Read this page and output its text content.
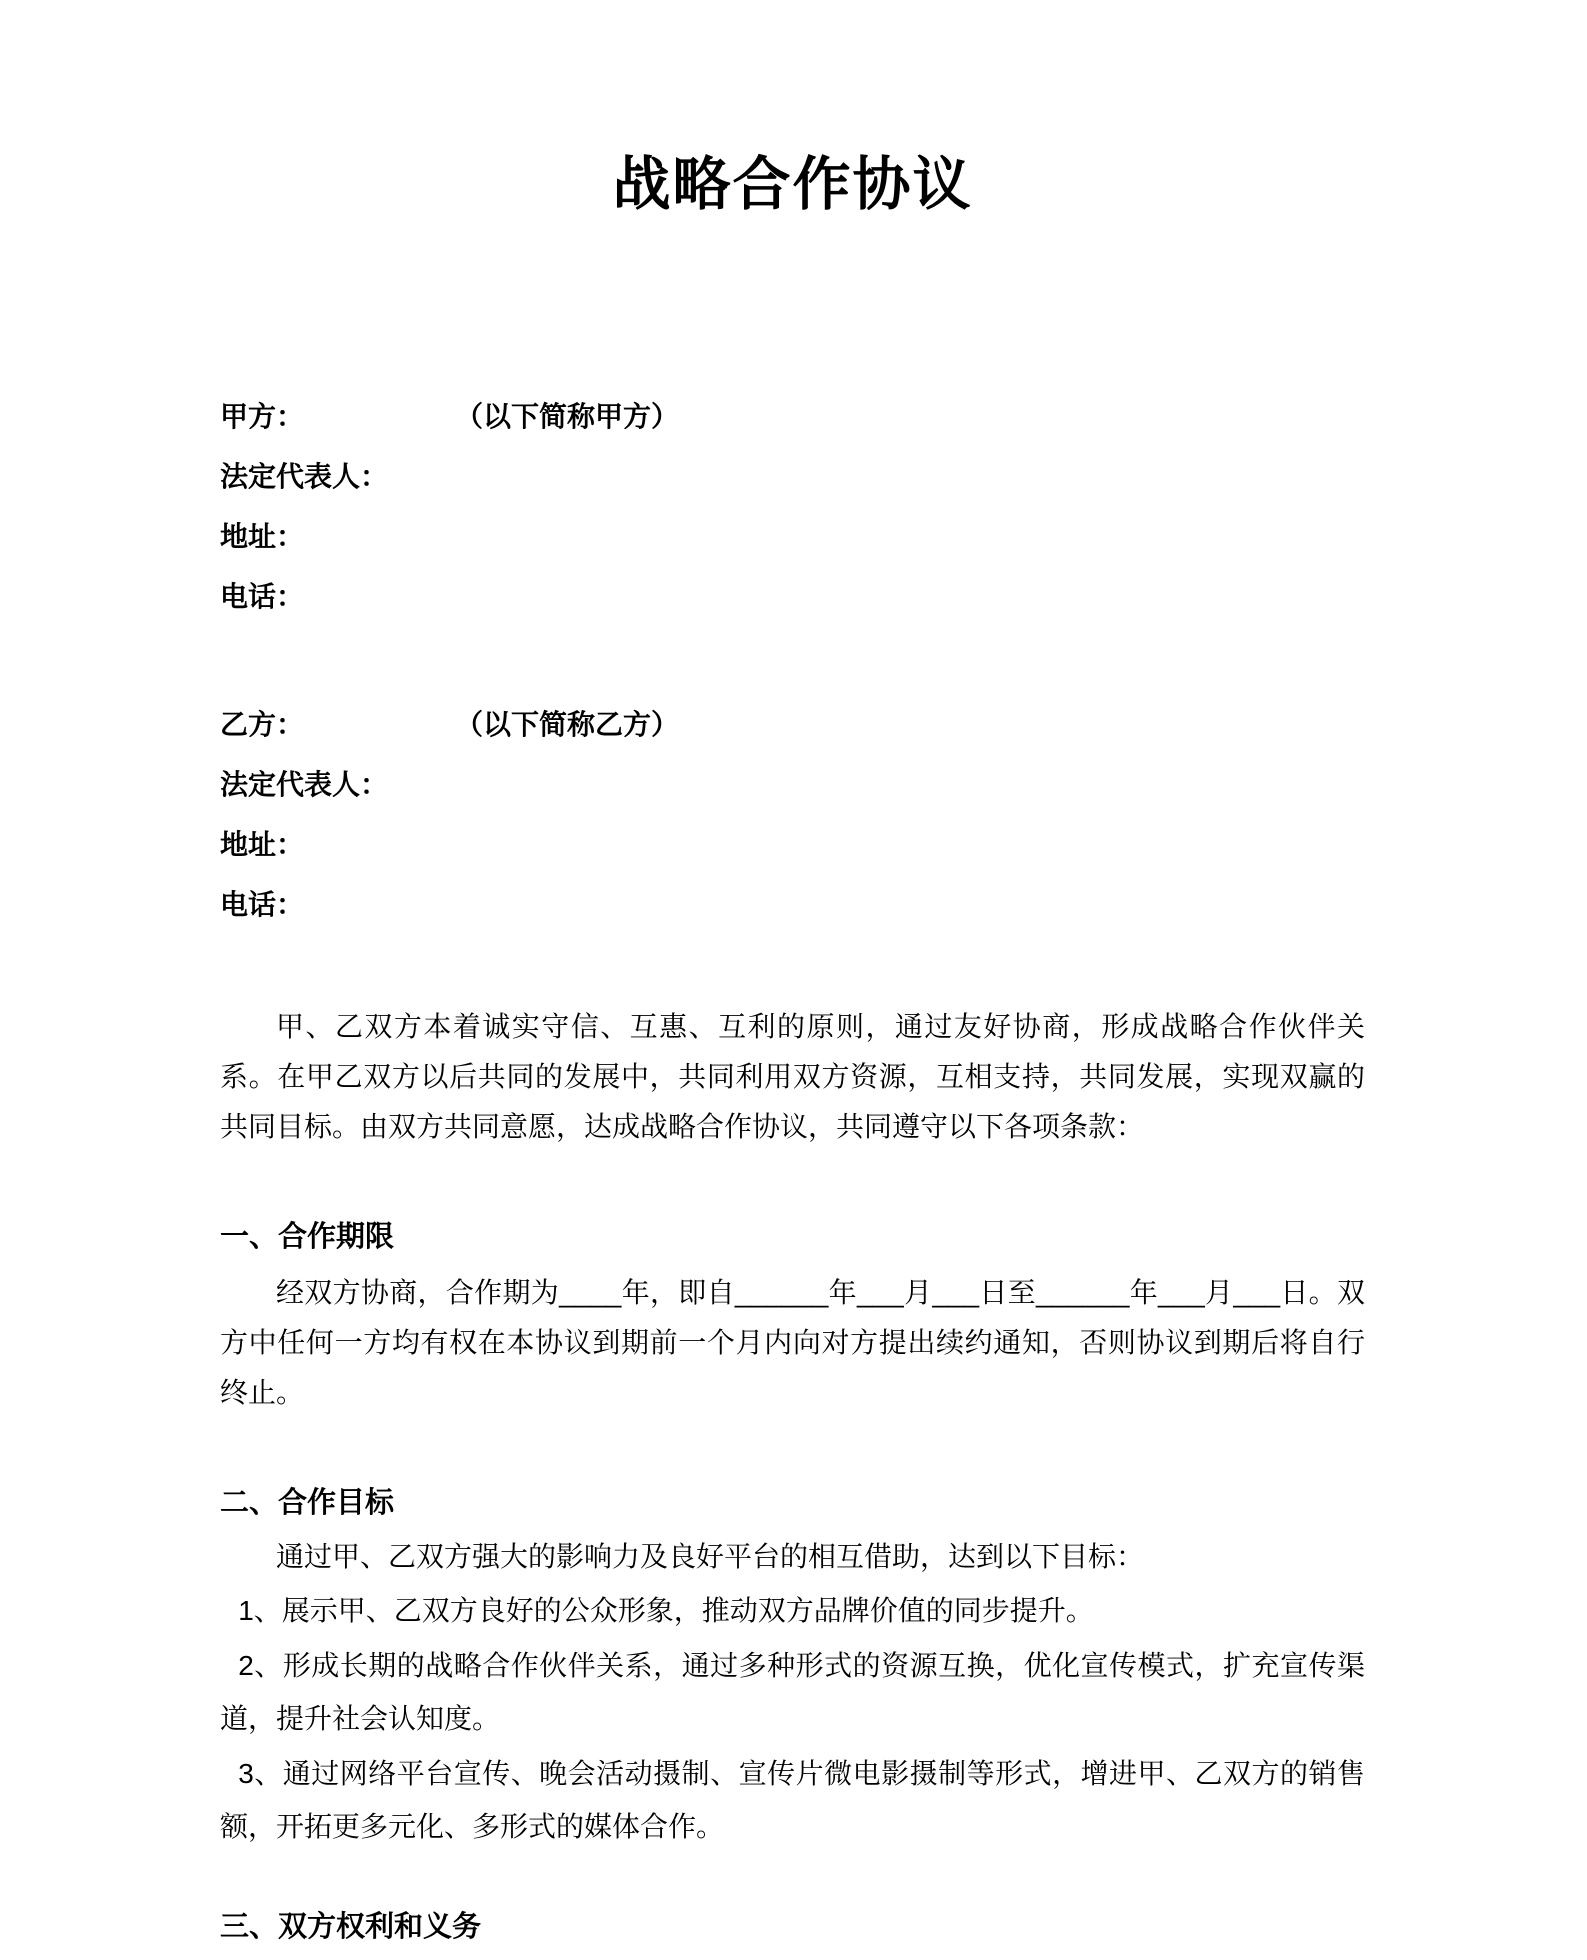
战略合作协议
甲方：	（以下简称甲方）
法定代表人：
地址：
电话：
乙方：	（以下简称乙方）
法定代表人：
地址：
电话：

甲、乙双方本着诚实守信、互惠、互利的原则，通过友好协商，形成战略合作伙伴关系。在甲乙双方以后共同的发展中，共同利用双方资源，互相支持，共同发展，实现双赢的共同目标。由双方共同意愿，达成战略合作协议，共同遵守以下各项条款：

一、合作期限

经双方协商，合作期为____年，即自______年___月___日至______年___月___日。双方中任何一方均有权在本协议到期前一个月内向对方提出续约通知，否则协议到期后将自行终止。

二、合作目标

通过甲、乙双方强大的影响力及良好平台的相互借助，达到以下目标：

1、展示甲、乙双方良好的公众形象，推动双方品牌价值的同步提升。

2、形成长期的战略合作伙伴关系，通过多种形式的资源互换，优化宣传模式，扩充宣传渠道，提升社会认知度。

3、通过网络平台宣传、晚会活动摄制、宣传片微电影摄制等形式，增进甲、乙双方的销售额，开拓更多元化、多形式的媒体合作。

三、双方权利和义务
